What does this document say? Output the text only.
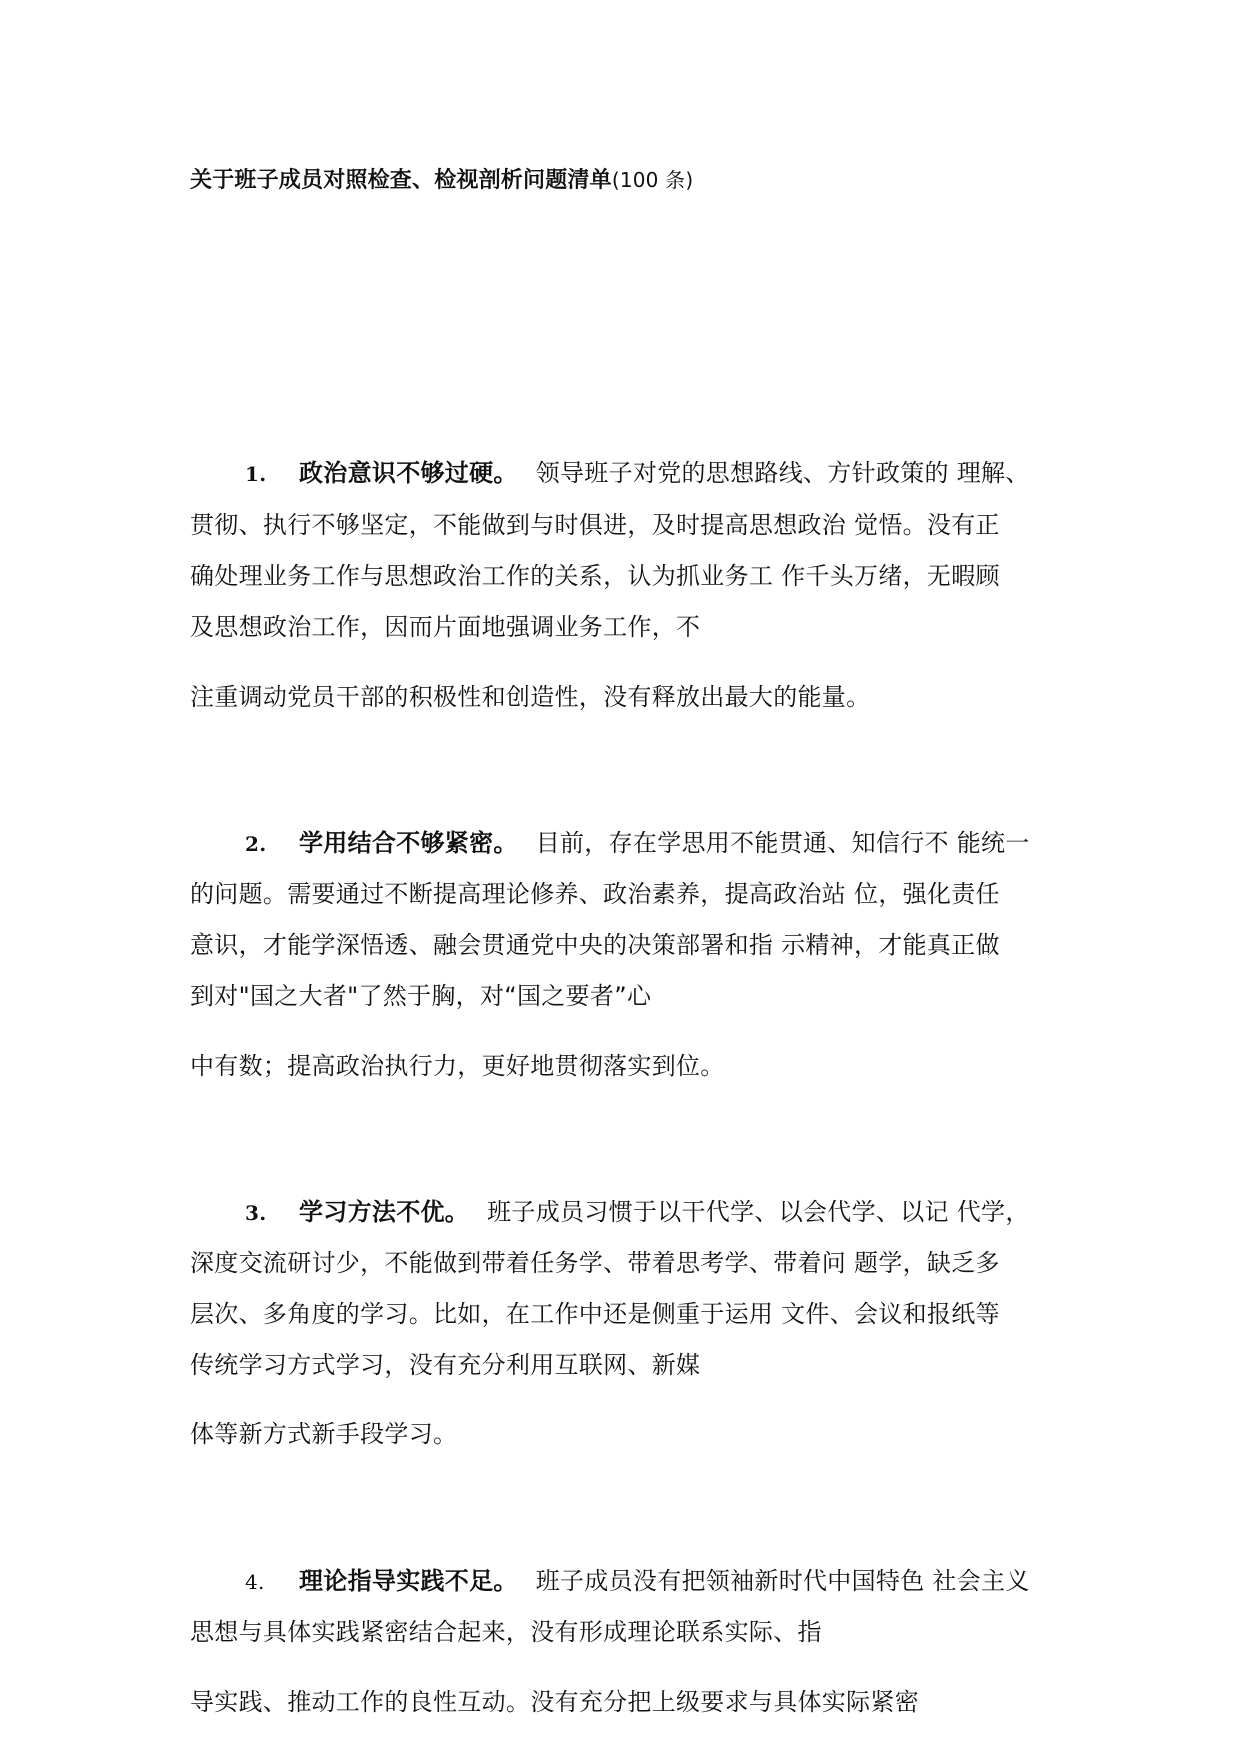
关于班子成员对照检查、检视剖析问题清单(100 条)
1. 政治意识不够过硬。 领导班子对党的思想路线、方针政策的 理解、
贯彻、执行不够坚定，不能做到与时俱进，及时提高思想政治 觉悟。没有正
确处理业务工作与思想政治工作的关系，认为抓业务工 作千头万绪，无暇顾
及思想政治工作，因而片面地强调业务工作，不
注重调动党员干部的积极性和创造性，没有释放出最大的能量。
2. 学用结合不够紧密。 目前，存在学思用不能贯通、知信行不 能统一
的问题。需要通过不断提高理论修养、政治素养，提高政治站 位，强化责任
意识，才能学深悟透、融会贯通党中央的决策部署和指 示精神，才能真正做
到对"国之大者"了然于胸，对“国之要者”心
中有数；提高政治执行力，更好地贯彻落实到位。
3. 学习方法不优。 班子成员习惯于以干代学、以会代学、以记 代学，
深度交流研讨少，不能做到带着任务学、带着思考学、带着问 题学，缺乏多
层次、多角度的学习。比如，在工作中还是侧重于运用 文件、会议和报纸等
传统学习方式学习，没有充分利用互联网、新媒
体等新方式新手段学习。
4. 理论指导实践不足。 班子成员没有把领袖新时代中国特色 社会主义
思想与具体实践紧密结合起来，没有形成理论联系实际、指
导实践、推动工作的良性互动。没有充分把上级要求与具体实际紧密
